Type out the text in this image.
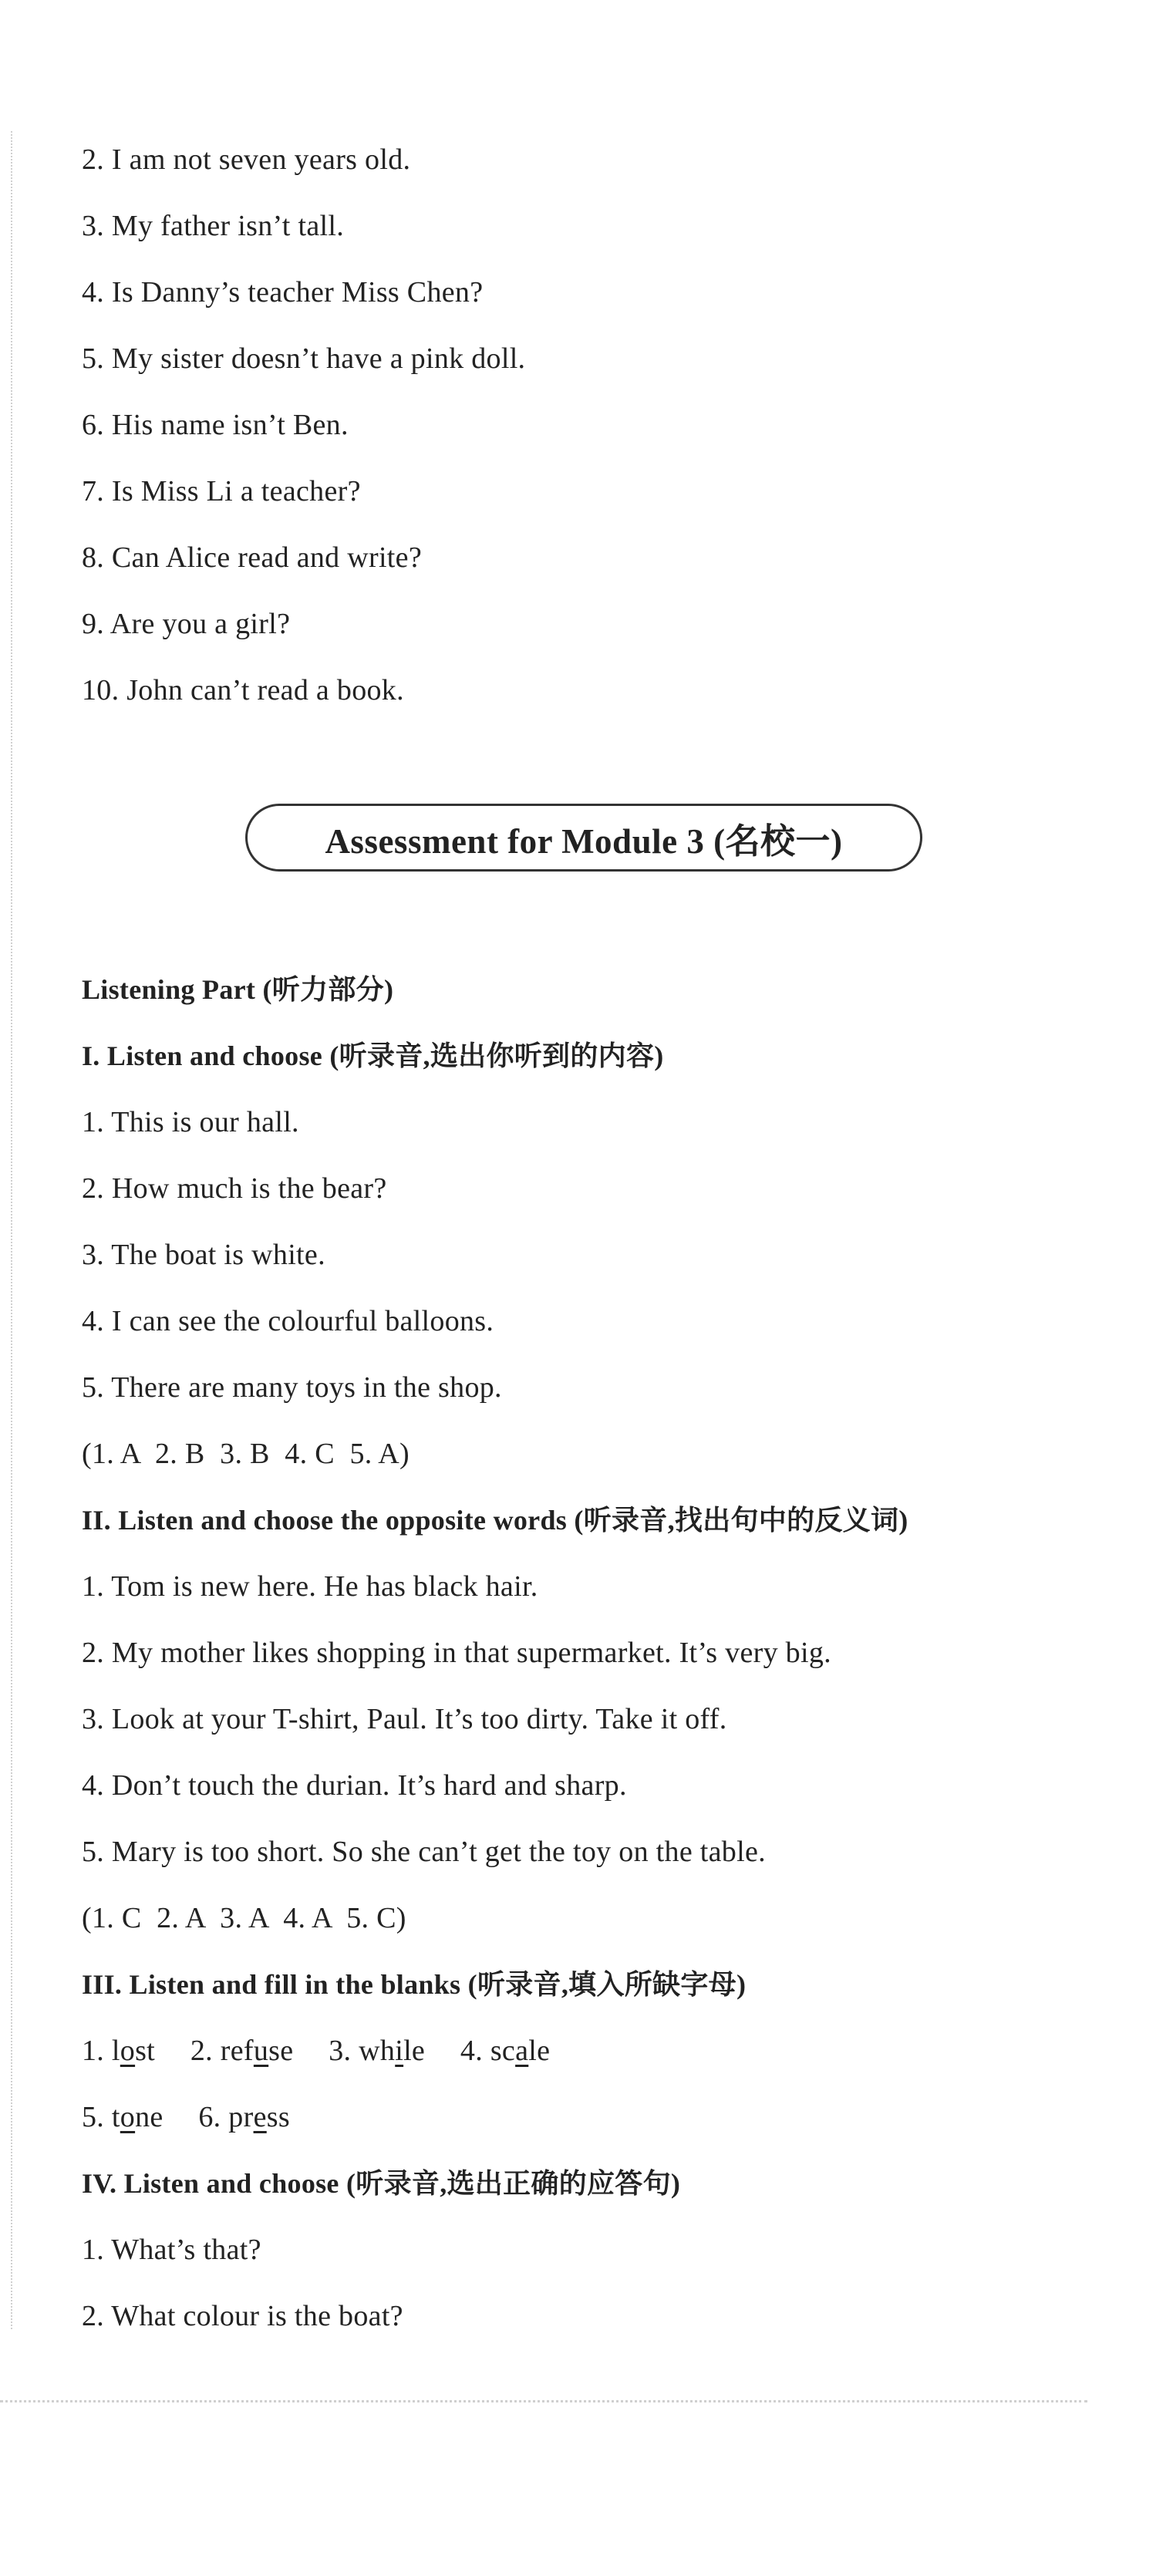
2. I am not seven years old.
3. My father isn’t tall.
4. Is Danny’s teacher Miss Chen?
5. My sister doesn’t have a pink doll.
6. His name isn’t Ben.
7. Is Miss Li a teacher?
8. Can Alice read and write?
9. Are you a girl?
10. John can’t read a book.
Assessment for Module 3 (名校一)
Listening Part (听力部分)
I. Listen and choose (听录音,选出你听到的内容)
1. This is our hall.
2. How much is the bear?
3. The boat is white.
4. I can see the colourful balloons.
5. There are many toys in the shop.
(1. A  2. B  3. B  4. C  5. A)
II. Listen and choose the opposite words (听录音,找出句中的反义词)
1. Tom is new here. He has black hair.
2. My mother likes shopping in that supermarket. It’s very big.
3. Look at your T-shirt, Paul. It’s too dirty. Take it off.
4. Don’t touch the durian. It’s hard and sharp.
5. Mary is too short. So she can’t get the toy on the table.
(1. C  2. A  3. A  4. A  5. C)
III. Listen and fill in the blanks (听录音,填入所缺字母)
1. lost 2. refuse 3. while 4. scale
5. tone 6. press
IV. Listen and choose (听录音,选出正确的应答句)
1. What’s that?
2. What colour is the boat?
